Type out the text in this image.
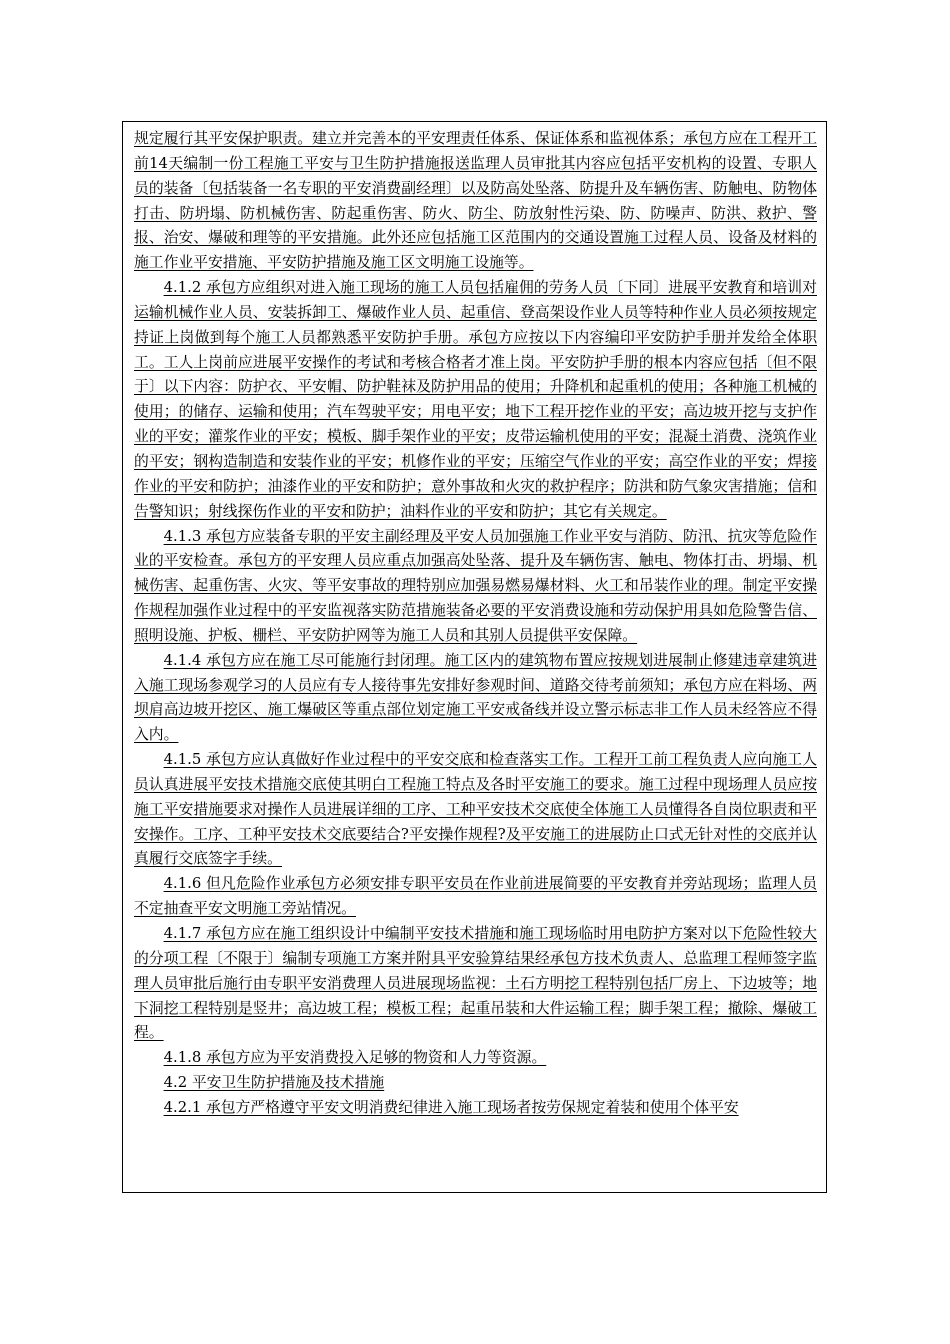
规定履行其平安保护职责。建立并完善本的平安理责任体系、保证体系和监视体系；承包方应在工程开工前14天编制一份工程施工平安与卫生防护措施报送监理人员审批其内容应包括平安机构的设置、专职人员的装备〔包括装备一名专职的平安消费副经理〕以及防高处坠落、防提升及车辆伤害、防触电、防物体打击、防坍塌、防机械伤害、防起重伤害、防火、防尘、防放射性污染、防、防噪声、防洪、救护、警报、治安、爆破和理等的平安措施。此外还应包括施工区范围内的交通设置施工过程人员、设备及材料的施工作业平安措施、平安防护措施及施工区文明施工设施等。

4.1.2 承包方应组织对进入施工现场的施工人员包括雇佣的劳务人员〔下同〕进展平安教育和培训对运输机械作业人员、安装拆卸工、爆破作业人员、起重信、登高架设作业人员等特种作业人员必须按规定持证上岗做到每个施工人员都熟悉平安防护手册。承包方应按以下内容编印平安防护手册并发给全体职工。工人上岗前应进展平安操作的考试和考核合格者才准上岗。平安防护手册的根本内容应包括〔但不限于〕以下内容：防护衣、平安帽、防护鞋袜及防护用品的使用；升降机和起重机的使用；各种施工机械的使用；的储存、运输和使用；汽车驾驶平安；用电平安；地下工程开挖作业的平安；高边坡开挖与支护作业的平安；灌浆作业的平安；模板、脚手架作业的平安；皮带运输机使用的平安；混凝土消费、浇筑作业的平安；钢构造制造和安装作业的平安；机修作业的平安；压缩空气作业的平安；高空作业的平安；焊接作业的平安和防护；油漆作业的平安和防护；意外事故和火灾的救护程序；防洪和防气象灾害措施；信和告警知识；射线探伤作业的平安和防护；油料作业的平安和防护；其它有关规定。

4.1.3 承包方应装备专职的平安主副经理及平安人员加强施工作业平安与消防、防汛、抗灾等危险作业的平安检查。承包方的平安理人员应重点加强高处坠落、提升及车辆伤害、触电、物体打击、坍塌、机械伤害、起重伤害、火灾、等平安事故的理特别应加强易燃易爆材料、火工和吊装作业的理。制定平安操作规程加强作业过程中的平安监视落实防范措施装备必要的平安消费设施和劳动保护用具如危险警告信、照明设施、护板、栅栏、平安防护网等为施工人员和其别人员提供平安保障。

4.1.4 承包方应在施工尽可能施行封闭理。施工区内的建筑物布置应按规划进展制止修建违章建筑进入施工现场参观学习的人员应有专人接待事先安排好参观时间、道路交待考前须知；承包方应在料场、两坝肩高边坡开挖区、施工爆破区等重点部位划定施工平安戒备线并设立警示标志非工作人员未经答应不得入内。

4.1.5 承包方应认真做好作业过程中的平安交底和检查落实工作。工程开工前工程负责人应向施工人员认真进展平安技术措施交底使其明白工程施工特点及各时平安施工的要求。施工过程中现场理人员应按施工平安措施要求对操作人员进展详细的工序、工种平安技术交底使全体施工人员懂得各自岗位职责和平安操作。工序、工种平安技术交底要结合?平安操作规程?及平安施工的进展防止口式无针对性的交底并认真履行交底签字手续。

4.1.6 但凡危险作业承包方必须安排专职平安员在作业前进展简要的平安教育并旁站现场；监理人员不定抽查平安文明施工旁站情况。

4.1.7 承包方应在施工组织设计中编制平安技术措施和施工现场临时用电防护方案对以下危险性较大的分项工程〔不限于〕编制专项施工方案并附具平安验算结果经承包方技术负责人、总监理工程师签字监理人员审批后施行由专职平安消费理人员进展现场监视：土石方明挖工程特别包括厂房上、下边坡等；地下洞挖工程特别是竖井；高边坡工程；模板工程；起重吊装和大件运输工程；脚手架工程；撤除、爆破工程。

4.1.8 承包方应为平安消费投入足够的物资和人力等资源。

4.2 平安卫生防护措施及技术措施

4.2.1 承包方严格遵守平安文明消费纪律进入施工现场者按劳保规定着装和使用个体平安
